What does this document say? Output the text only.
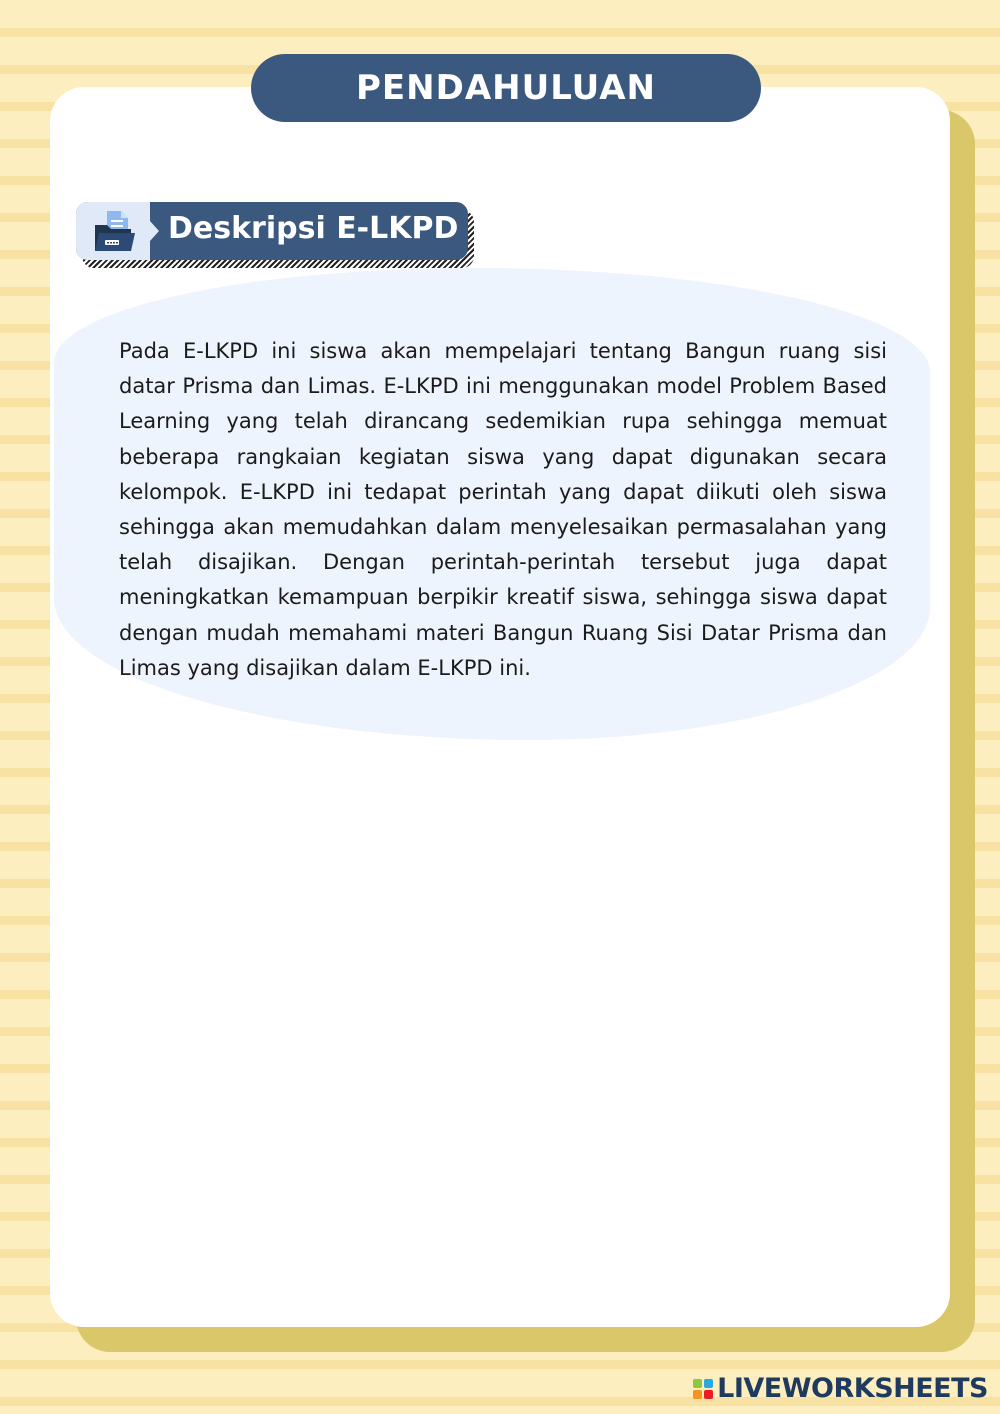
PENDAHULUAN
Deskripsi E-LKPD

Pada E-LKPD ini siswa akan mempelajari tentang Bangun ruang sisi datar Prisma dan Limas. E-LKPD ini menggunakan model Problem Based Learning yang telah dirancang sedemikian rupa sehingga memuat beberapa rangkaian kegiatan siswa yang dapat digunakan secara kelompok. E-LKPD ini tedapat perintah yang dapat diikuti oleh siswa sehingga akan memudahkan dalam menyelesaikan permasalahan yang telah disajikan. Dengan perintah-perintah tersebut juga dapat meningkatkan kemampuan berpikir kreatif siswa, sehingga siswa dapat dengan mudah memahami materi Bangun Ruang Sisi Datar Prisma dan Limas yang disajikan dalam E-LKPD ini.

LIVEWORKSHEETS
